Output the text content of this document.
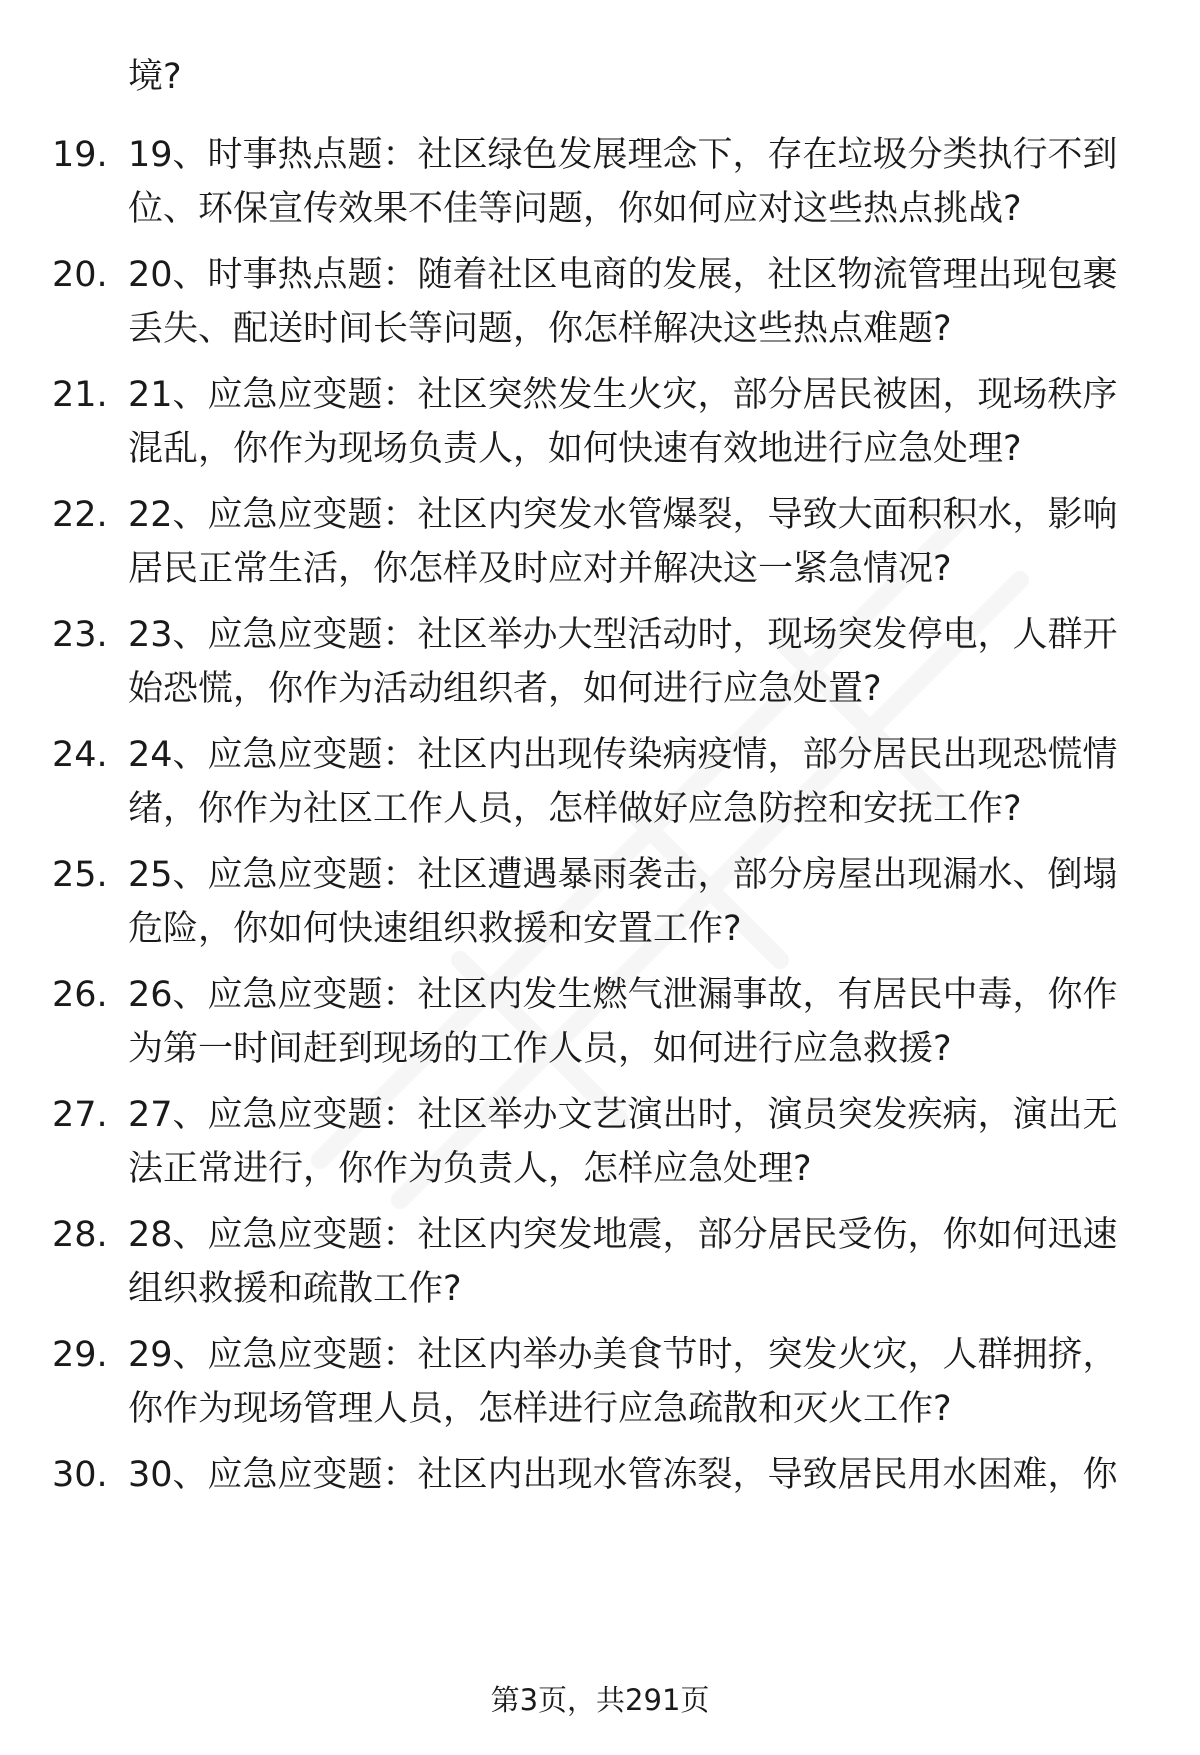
境?
19. 19、时事热点题：社区绿色发展理念下，存在垃圾分类执行不到
位、环保宣传效果不佳等问题，你如何应对这些热点挑战?
20. 20、时事热点题：随着社区电商的发展，社区物流管理出现包裹
丢失、配送时间长等问题，你怎样解决这些热点难题?
21. 21、应急应变题：社区突然发生火灾，部分居民被困，现场秩序
混乱，你作为现场负责人，如何快速有效地进行应急处理?
22. 22、应急应变题：社区内突发水管爆裂，导致大面积积水，影响
居民正常生活，你怎样及时应对并解决这一紧急情况?
23. 23、应急应变题：社区举办大型活动时，现场突发停电，人群开
始恐慌，你作为活动组织者，如何进行应急处置?
24. 24、应急应变题：社区内出现传染病疫情，部分居民出现恐慌情
绪，你作为社区工作人员，怎样做好应急防控和安抚工作?
25. 25、应急应变题：社区遭遇暴雨袭击，部分房屋出现漏水、倒塌
危险，你如何快速组织救援和安置工作?
26. 26、应急应变题：社区内发生燃气泄漏事故，有居民中毒，你作
为第一时间赶到现场的工作人员，如何进行应急救援?
27. 27、应急应变题：社区举办文艺演出时，演员突发疾病，演出无
法正常进行，你作为负责人，怎样应急处理?
28. 28、应急应变题：社区内突发地震，部分居民受伤，你如何迅速
组织救援和疏散工作?
29. 29、应急应变题：社区内举办美食节时，突发火灾，人群拥挤，
你作为现场管理人员，怎样进行应急疏散和灭火工作?
30. 30、应急应变题：社区内出现水管冻裂，导致居民用水困难，你
第3页，共291页
